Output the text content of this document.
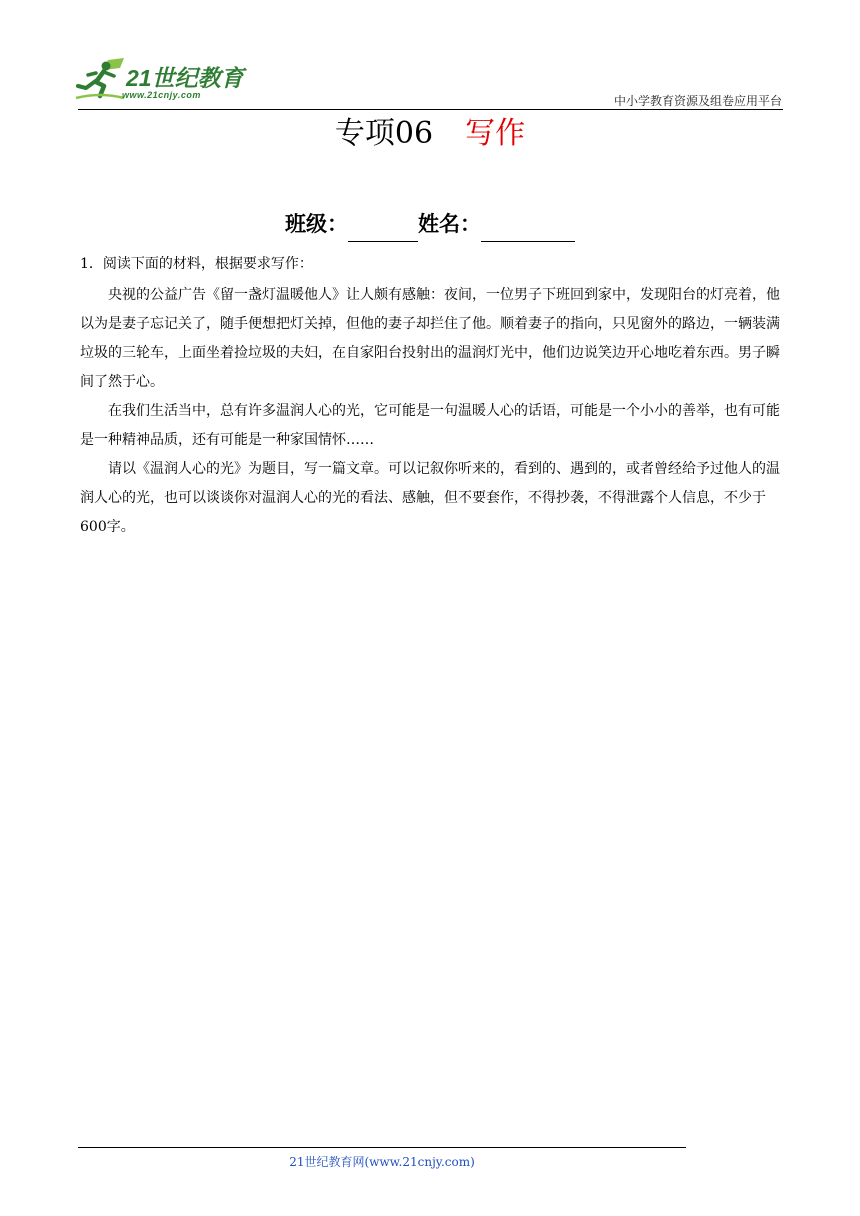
21世纪教育
www.21cnjy.com	中小学教育资源及组卷应用平台
专项06 写作
班级：	姓名：
1．阅读下面的材料，根据要求写作：

央视的公益广告《留一盏灯温暖他人》让人颇有感触：夜间，一位男子下班回到家中，发现阳台的灯亮着，他以为是妻子忘记关了，随手便想把灯关掉，但他的妻子却拦住了他。顺着妻子的指向，只见窗外的路边，一辆装满垃圾的三轮车，上面坐着捡垃圾的夫妇，在自家阳台投射出的温润灯光中，他们边说笑边开心地吃着东西。男子瞬间了然于心。

在我们生活当中，总有许多温润人心的光，它可能是一句温暖人心的话语，可能是一个小小的善举，也有可能是一种精神品质，还有可能是一种家国情怀……

请以《温润人心的光》为题目，写一篇文章。可以记叙你听来的，看到的、遇到的，或者曾经给予过他人的温润人心的光，也可以谈谈你对温润人心的光的看法、感触，但不要套作，不得抄袭，不得泄露个人信息，不少于600字。

21世纪教育网(www.21cnjy.com)
